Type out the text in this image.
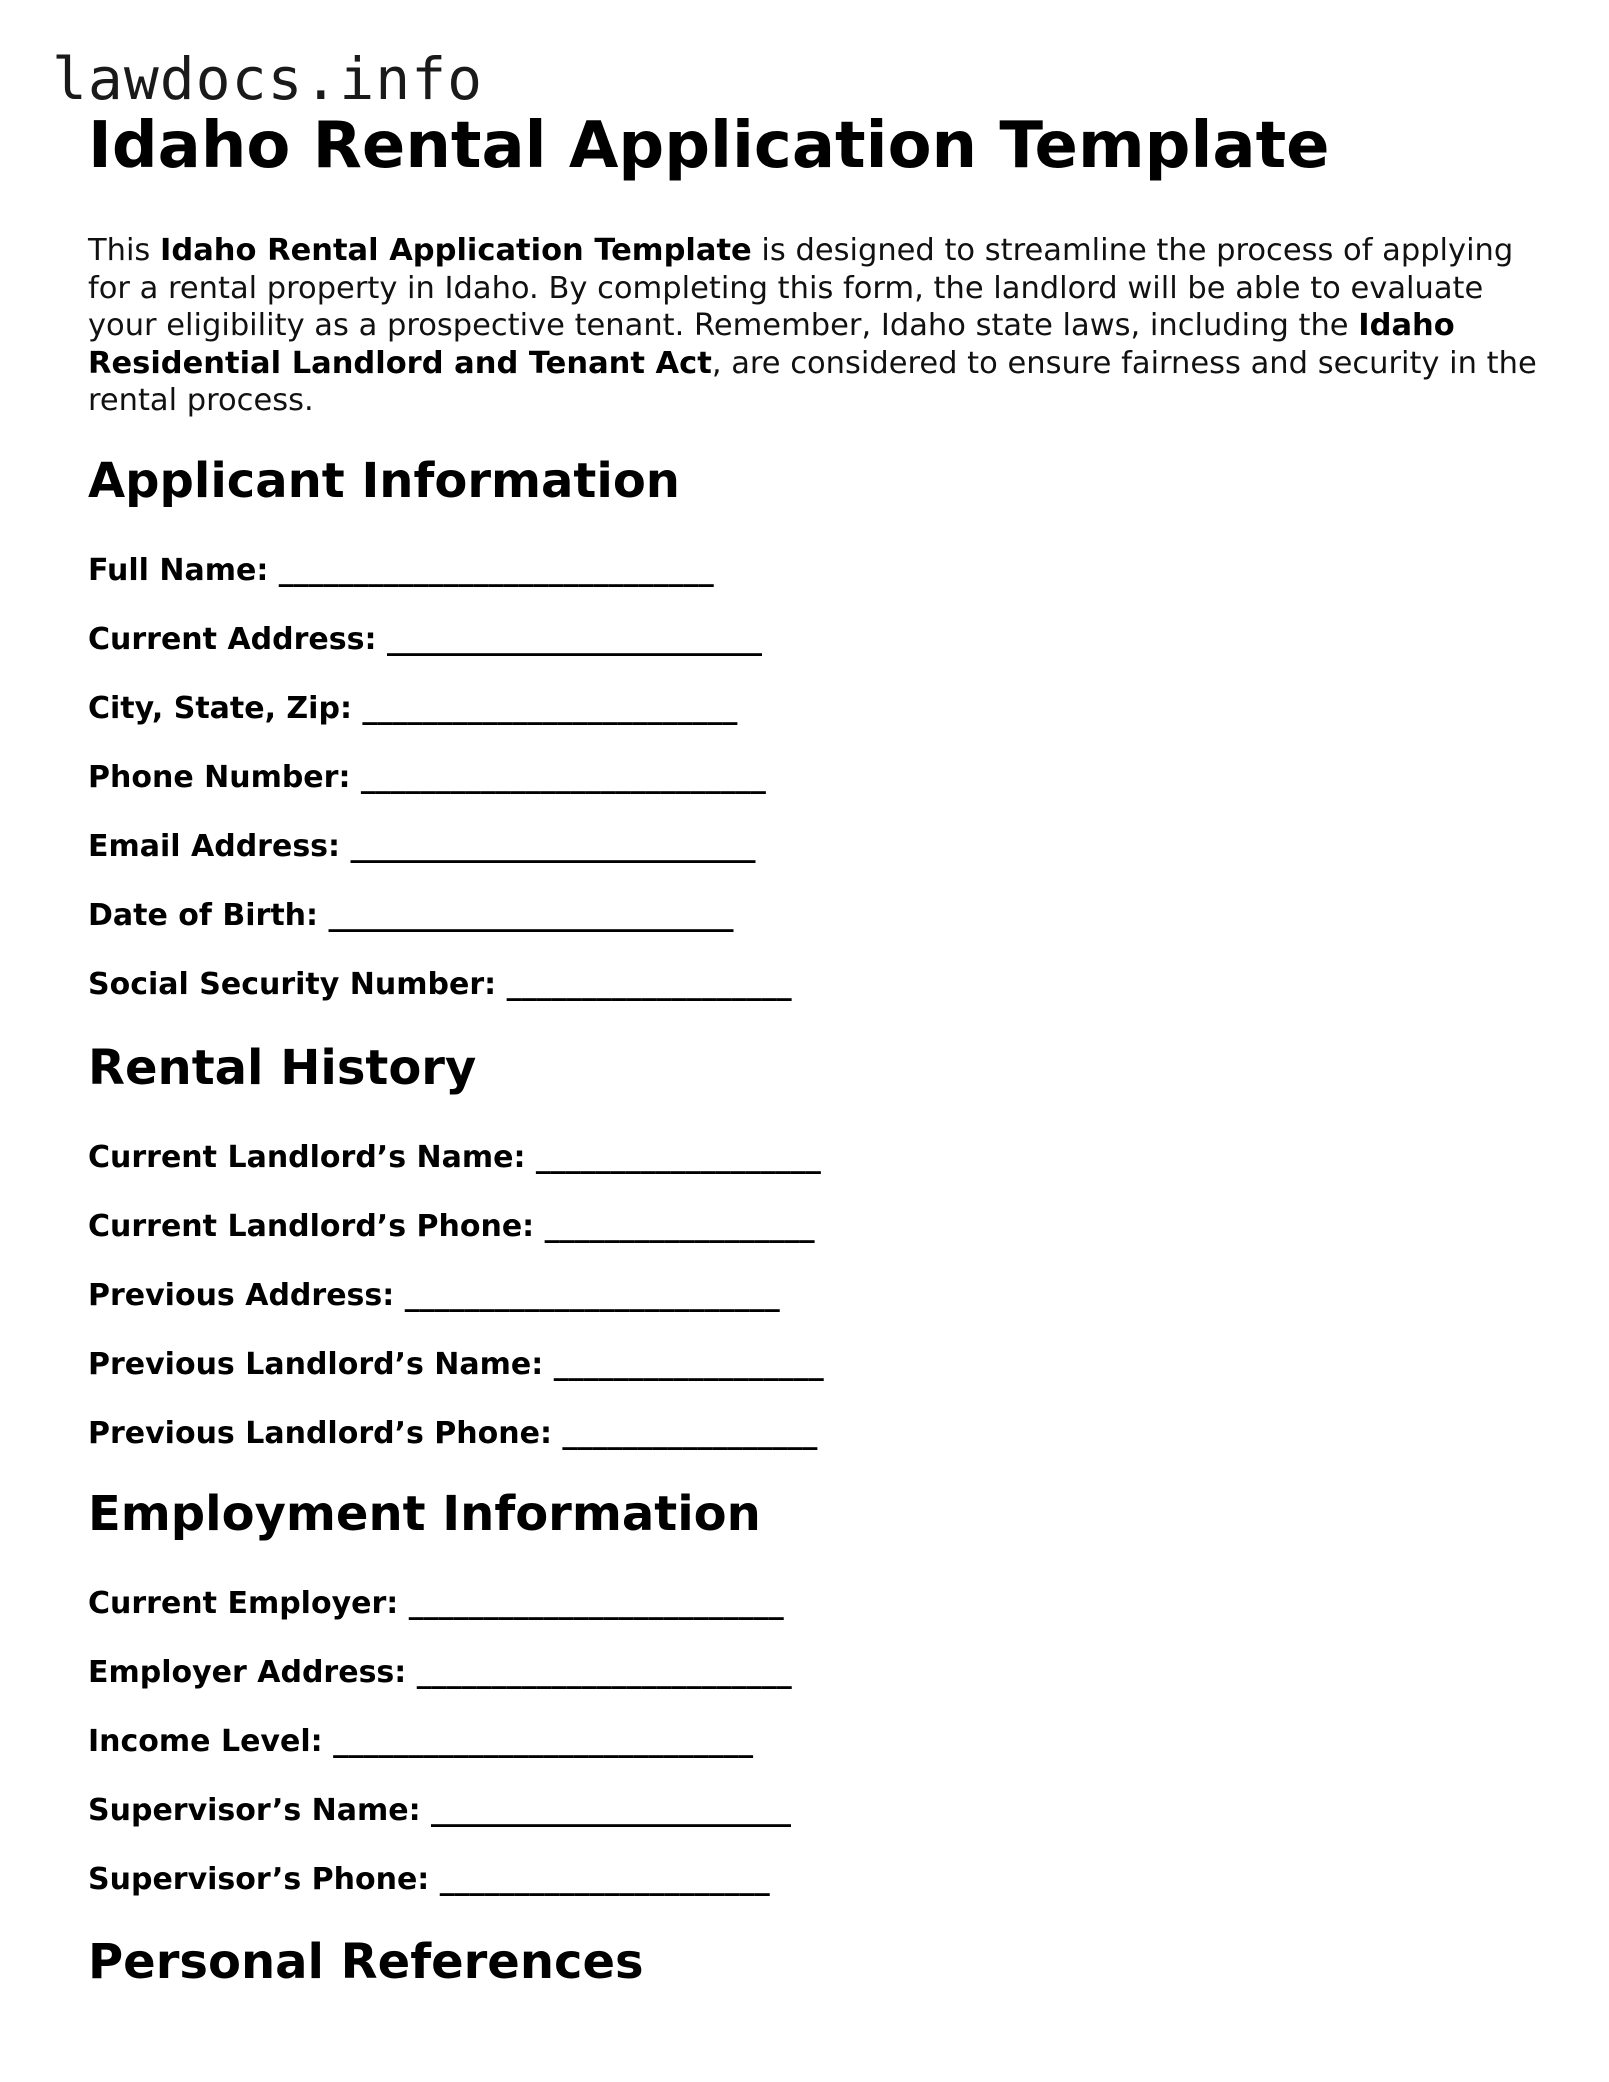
lawdocs.info
Idaho Rental Application Template

This Idaho Rental Application Template is designed to streamline the process of applying for a rental property in Idaho. By completing this form, the landlord will be able to evaluate your eligibility as a prospective tenant. Remember, Idaho state laws, including the Idaho Residential Landlord and Tenant Act, are considered to ensure fairness and security in the rental process.

Applicant Information
Full Name: _____________________________
Current Address: _________________________
City, State, Zip: _________________________
Phone Number: ___________________________
Email Address: ___________________________
Date of Birth: ___________________________
Social Security Number: ___________________
Rental History
Current Landlord’s Name: ___________________
Current Landlord’s Phone: __________________
Previous Address: _________________________
Previous Landlord’s Name: __________________
Previous Landlord’s Phone: _________________
Employment Information
Current Employer: _________________________
Employer Address: _________________________
Income Level: ____________________________
Supervisor’s Name: ________________________
Supervisor’s Phone: ______________________
Personal References
